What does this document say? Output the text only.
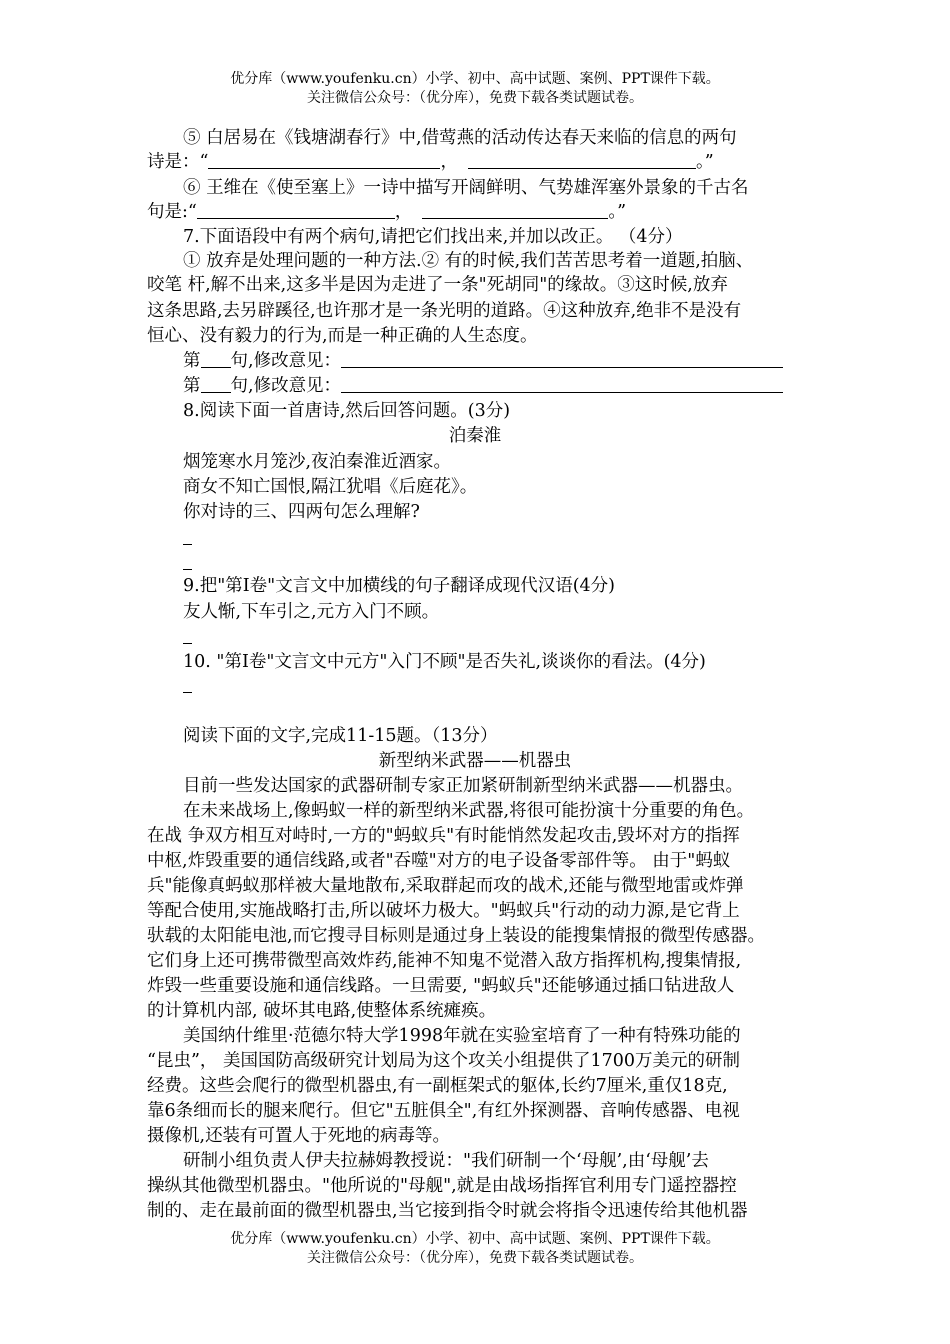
优分库（www.youfenku.cn）小学、初中、高中试题、案例、PPT课件下载。
关注微信公众号：（优分库），免费下载各类试题试卷。
⑤ 白居易在《钱塘湖春行》中,借莺燕的活动传达春天来临的信息的两句
诗是：“	，	。”
⑥ 王维在《使至塞上》一诗中描写开阔鲜明、气势雄浑塞外景象的千古名
句是:“	，	。”
7.下面语段中有两个病句,请把它们找出来,并加以改正。 （4分）
① 放弃是处理问题的一种方法.② 有的时候,我们苦苦思考着一道题,拍脑、
咬笔 杆,解不出来,这多半是因为走进了一条"死胡同"的缘故。③这时候,放弃
这条思路,去另辟蹊径,也许那才是一条光明的道路。④这种放弃,绝非不是没有
恒心、没有毅力的行为,而是一种正确的人生态度。
第 句,修改意见：
第 句,修改意见：
8.阅读下面一首唐诗,然后回答问题。(3分)
泊秦淮
烟笼寒水月笼沙,夜泊秦淮近酒家。
商女不知亡国恨,隔江犹唱《后庭花》。
你对诗的三、四两句怎么理解?
9.把"第Ⅰ卷"文言文中加横线的句子翻译成现代汉语(4分)
友人惭,下车引之,元方入门不顾。
10. "第Ⅰ卷"文言文中元方"入门不顾"是否失礼,谈谈你的看法。(4分)
阅读下面的文字,完成11-15题。（13分）
新型纳米武器——机器虫
目前一些发达国家的武器研制专家正加紧研制新型纳米武器——机器虫。
在未来战场上,像蚂蚁一样的新型纳米武器,将很可能扮演十分重要的角色。
在战 争双方相互对峙时,一方的"蚂蚁兵"有时能悄然发起攻击,毁坏对方的指挥
中枢,炸毁重要的通信线路,或者"吞噬"对方的电子设备零部件等。 由于"蚂蚁
兵"能像真蚂蚁那样被大量地散布,采取群起而攻的战术,还能与微型地雷或炸弹
等配合使用,实施战略打击,所以破坏力极大。"蚂蚁兵"行动的动力源,是它背上
驮载的太阳能电池,而它搜寻目标则是通过身上装设的能搜集情报的微型传感器。
它们身上还可携带微型高效炸药,能神不知鬼不觉潜入敌方指挥机构,搜集情报,
炸毁一些重要设施和通信线路。一旦需要, "蚂蚁兵"还能够通过插口钻进敌人
的计算机内部, 破坏其电路,使整体系统瘫痪。
美国纳什维里·范德尔特大学1998年就在实验室培育了一种有特殊功能的
“昆虫”， 美国国防高级研究计划局为这个攻关小组提供了1700万美元的研制
经费。这些会爬行的微型机器虫,有一副框架式的躯体,长约7厘米,重仅18克,
靠6条细而长的腿来爬行。但它"五脏俱全",有红外探测器、音响传感器、电视
摄像机,还装有可置人于死地的病毒等。
研制小组负责人伊夫拉赫姆教授说："我们研制一个‘母舰’,由‘母舰’去
操纵其他微型机器虫。"他所说的"母舰",就是由战场指挥官利用专门遥控器控
制的、走在最前面的微型机器虫,当它接到指令时就会将指令迅速传给其他机器
优分库（www.youfenku.cn）小学、初中、高中试题、案例、PPT课件下载。
关注微信公众号：（优分库），免费下载各类试题试卷。
